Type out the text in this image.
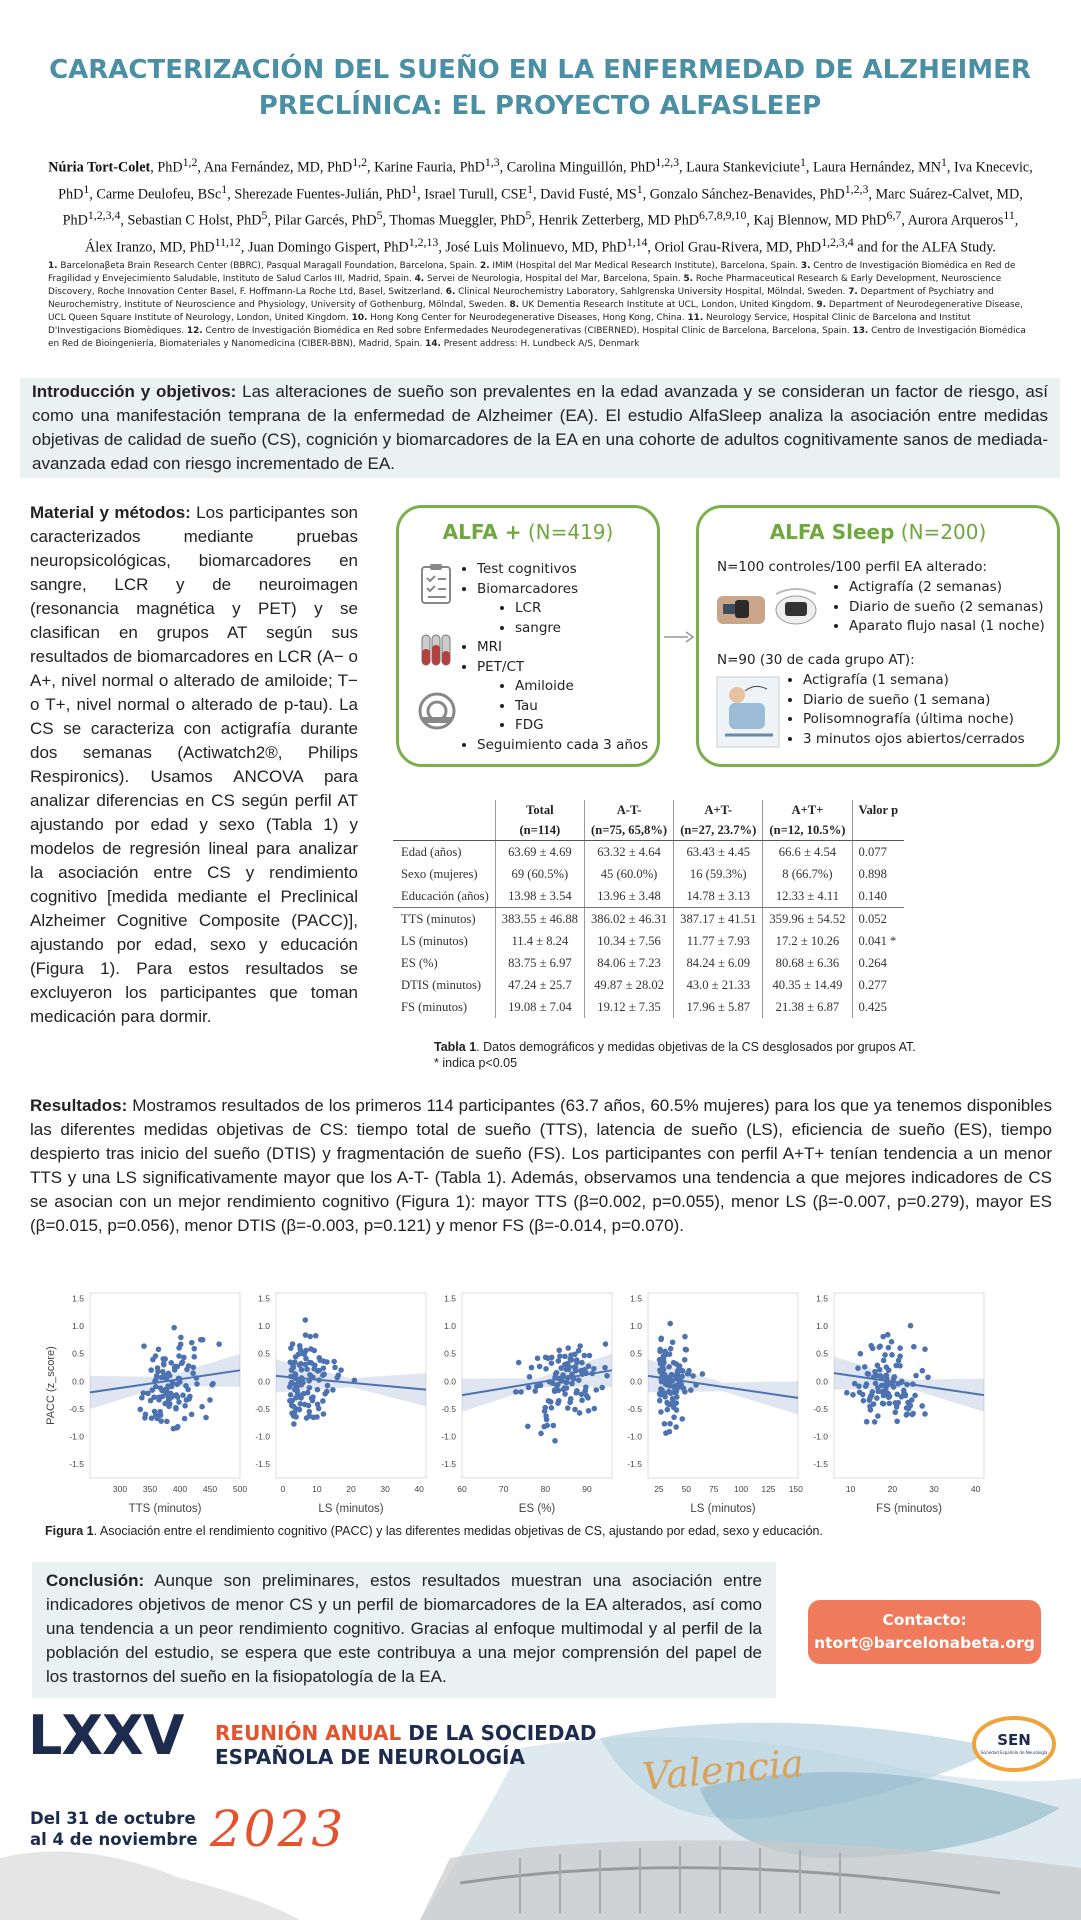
CARACTERIZACIÓN DEL SUEÑO EN LA ENFERMEDAD DE ALZHEIMER
PRECLÍNICA: EL PROYECTO ALFASLEEP
Núria Tort-Colet, PhD$^{1,2}$, Ana Fernández, MD, PhD$^{1,2}$, Karine Fauria, PhD$^{1,3}$, Carolina Minguillón, PhD$^{1,2,3}$, Laura Stankeviciute$^1$, Laura Hernández, $MN^1$, Iva Knecevic, PhD$^1$, Carme Deulofeu, BSc$^1$, Sherezade Fuentes-Julián, PhD$^1$, Israel Turull, CSE$^1$, David Fusté, $MS^1$, Gonzalo Sánchez-Benavides, PhD$^{1,2,3}$, Marc Suárez-Calvet, MD, PhD$^{1,2,3,4}$, Sebastian C Holst, PhD$^5$, Pilar Garcés, PhD$^5$, Thomas Mueggler, PhD$^5$, Henrik Zetterberg, MD PhD$^{6,7,8,9,10}$, Kaj Blennow, MD PhD$^{6,7}$, Aurora Arqueros$^{11}$, Álex Iranzo, MD, PhD$^{11,12}$, Juan Domingo Gispert, PhD$^{1,2,13}$, José Luis Molinuevo, MD, PhD$^{1,14}$, Oriol Grau-Rivera, MD, PhD$^{1,2,3,4}$ and for the ALFA Study.
1. Barcelonaβeta Brain Research Center (BBRC), Pasqual Maragall Foundation, Barcelona, Spain. 2. IMIM (Hospital del Mar Medical Research Institute), Barcelona, Spain. 3. Centro de Investigación Biomédica en Red de Fragilidad y Envejecimiento Saludable, Instituto de Salud Carlos III, Madrid, Spain. 4. Servei de Neurologia, Hospital del Mar, Barcelona, Spain. 5. Roche Pharmaceutical Research & Early Development, Neuroscience Discovery, Roche Innovation Center Basel, F. Hoffmann-La Roche Ltd, Basel, Switzerland. 6. Clinical Neurochemistry Laboratory, Sahlgrenska University Hospital, Mölndal, Sweden. 7. Department of Psychiatry and Neurochemistry, Institute of Neuroscience and Physiology, University of Gothenburg, Mölndal, Sweden. 8. UK Dementia Research Institute at UCL, London, United Kingdom. 9. Department of Neurodegenerative Disease, UCL Queen Square Institute of Neurology, London, United Kingdom. 10. Hong Kong Center for Neurodegenerative Diseases, Hong Kong, China. 11. Neurology Service, Hospital Clinic de Barcelona and Institut D'Investigacions Biomèdiques. 12. Centro de Investigación Biomédica en Red sobre Enfermedades Neurodegenerativas (CIBERNED), Hospital Clinic de Barcelona, Barcelona, Spain. 13. Centro de Investigación Biomédica en Red de Bioingeniería, Biomateriales y Nanomedicina (CIBER-BBN), Madrid, Spain. 14. Present address: H. Lundbeck A/S, Denmark
Introducción y objetivos: Las alteraciones de sueño son prevalentes en la edad avanzada y se consideran un factor de riesgo, así como una manifestación temprana de la enfermedad de Alzheimer (EA). El estudio AlfaSleep analiza la asociación entre medidas objetivas de calidad de sueño (CS), cognición y biomarcadores de la EA en una cohorte de adultos cognitivamente sanos de mediada-avanzada edad con riesgo incrementado de EA.
Material y métodos: Los participantes son caracterizados mediante pruebas neuropsicológicas, biomarcadores en sangre, LCR y de neuroimagen (resonancia magnética y PET) y se clasifican en grupos AT según sus resultados de biomarcadores en LCR (A− o A+, nivel normal o alterado de amiloide; T− o T+, nivel normal o alterado de p-tau). La CS se caracteriza con actigrafía durante dos semanas (Actiwatch2®, Philips Respironics). Usamos ANCOVA para analizar diferencias en CS según perfil AT ajustando por edad y sexo (Tabla 1) y modelos de regresión lineal para analizar la asociación entre CS y rendimiento cognitivo [medida mediante el Preclinical Alzheimer Cognitive Composite (PACC)], ajustando por edad, sexo y educación (Figura 1). Para estos resultados se excluyeron los participantes que toman medicación para dormir.
ALFA + (N=419)
• Test cognitivos
• Biomarcadores
• LCR
• sangre
• MRI
• PET/CT
• Amiloide
• Tau
• FDG
• Seguimiento cada 3 años
ALFA Sleep (N=200)

N=100 controles/100 perfil EA alterado:

• Actigrafía (2 semanas)
• Diario de sueño (2 semanas)
• Aparato flujo nasal (1 noche)

N=90 (30 de cada grupo AT):

• Actigrafía (1 semana)
• Diario de sueño (1 semana)
• Polisomnografía (última noche)
• 3 minutos ojos abiertos/cerrados
	Total	A-T-	A+T-	A+T+	Valor p
	(n=114)	(n=75, 65,8%)	(n=27, 23.7%)	(n=12, 10.5%)	
Edad (años)	63.69 ± 4.69	63.32 ± 4.64	63.43 ± 4.45	66.6 ± 4.54	0.077
Sexo (mujeres)	69 (60.5%)	45 (60.0%)	16 (59.3%)	8 (66.7%)	0.898
Educación (años)	13.98 ± 3.54	13.96 ± 3.48	14.78 ± 3.13	12.33 ± 4.11	0.140
TTS (minutos)	383.55 ± 46.88	386.02 ± 46.31	387.17 ± 41.51	359.96 ± 54.52	0.052
LS (minutos)	11.4 ± 8.24	10.34 ± 7.56	11.77 ± 7.93	17.2 ± 10.26	0.041 *
ES (%)	83.75 ± 6.97	84.06 ± 7.23	84.24 ± 6.09	80.68 ± 6.36	0.264
DTIS (minutos)	47.24 ± 25.7	49.87 ± 28.02	43.0 ± 21.33	40.35 ± 14.49	0.277
FS (minutos)	19.08 ± 7.04	19.12 ± 7.35	17.96 ± 5.87	21.38 ± 6.87	0.425
Tabla 1. Datos demográficos y medidas objetivas de la CS desglosados por grupos AT.
* indica p<0.05
Resultados: Mostramos resultados de los primeros 114 participantes (63.7 años, 60.5% mujeres) para los que ya tenemos disponibles las diferentes medidas objetivas de CS: tiempo total de sueño (TTS), latencia de sueño (LS), eficiencia de sueño (ES), tiempo despierto tras inicio del sueño (DTIS) y fragmentación de sueño (FS). Los participantes con perfil A+T+ tenían tendencia a un menor TTS y una LS significativamente mayor que los A-T- (Tabla 1). Además, observamos una tendencia a que mejores indicadores de CS se asocian con un mejor rendimiento cognitivo (Figura 1): mayor TTS (β=0.002, p=0.055), menor LS (β=-0.007, p=0.279), mayor ES (β=0.015, p=0.056), menor DTIS (β=-0.003, p=0.121) y menor FS (β=-0.014, p=0.070).
-1.5
-1.0
-0.5
0.0
0.5
1.0
1.5
300 350 400 450 500
TTS (minutos)
PACC (z_score)
-1.5
-1.0
-0.5
0.0
0.5
1.0
1.5
0	10	20	30	40
LS (minutos)
-1.5
-1.0
-0.5
0.0
0.5
1.0
1.5
60	70	80	90
ES (%)
-1.5
-1.0
-0.5
0.0
0.5
1.0
1.5
25 50 75 100 125 150
LS (minutos)
-1.5
-1.0
-0.5
0.0
0.5
1.0
1.5
10	20	30	40
FS (minutos)
Figura 1. Asociación entre el rendimiento cognitivo (PACC) y las diferentes medidas objetivas de CS, ajustando por edad, sexo y educación.
Conclusión: Aunque son preliminares, estos resultados muestran una asociación entre indicadores objetivos de menor CS y un perfil de biomarcadores de la EA alterados, así como una tendencia a un peor rendimiento cognitivo. Gracias al enfoque multimodal y al perfil de la población del estudio, se espera que este contribuya a una mejor comprensión del papel de los trastornos del sueño en la fisiopatología de la EA.
Contacto:
ntort@barcelonabeta.org
LXXV REUNIÓN ANUAL DE LA SOCIEDAD
ESPAÑOLA DE NEUROLOGÍA	Valencia
Del 31 de octubre
al 4 de noviembre 2023
SEN
Sociedad Española de Neurología
